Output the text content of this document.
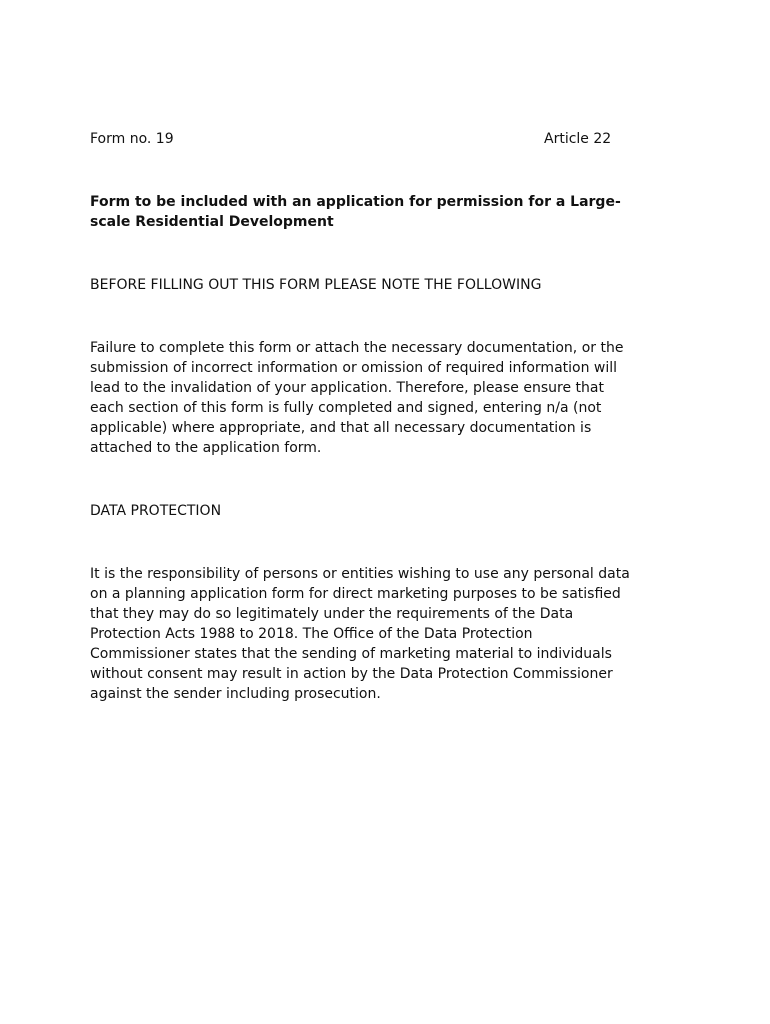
Form no. 19	Article 22
Form to be included with an application for permission for a Large-
scale Residential Development
BEFORE FILLING OUT THIS FORM PLEASE NOTE THE FOLLOWING
Failure to complete this form or attach the necessary documentation, or the
submission of incorrect information or omission of required information will
lead to the invalidation of your application. Therefore, please ensure that
each section of this form is fully completed and signed, entering n/a (not
applicable) where appropriate, and that all necessary documentation is
attached to the application form.
DATA PROTECTION
It is the responsibility of persons or entities wishing to use any personal data
on a planning application form for direct marketing purposes to be satisfied
that they may do so legitimately under the requirements of the Data
Protection Acts 1988 to 2018. The Office of the Data Protection
Commissioner states that the sending of marketing material to individuals
without consent may result in action by the Data Protection Commissioner
against the sender including prosecution.
